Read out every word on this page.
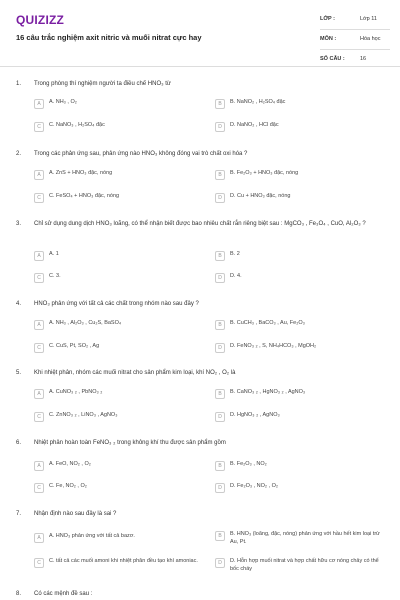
QUIZIZZ
16 câu trắc nghiệm axit nitric và muối nitrat cực hay
LỚP :	Lớp 11
MÔN :	Hóa học
SỐ CÂU :	16
1. Trong phòng thí nghiệm người ta điều chế HNO₃ từ
A	A. NH₃ , O₂	B	B. NaNO₂ , H₂SO₄ đặc
C	C. NaNO₃ , H₂SO₄ đặc	D	D. NaNO₂ , HCl đặc
2. Trong các phản ứng sau, phản ứng nào HNO₃ không đóng vai trò chất oxi hóa ?
A	A. ZnS + HNO₃ đặc, nóng	B	B. Fe₂O₃ + HNO₃ đặc, nóng
C	C. FeSO₄ + HNO₃ đặc, nóng	D	D. Cu + HNO₃ đặc, nóng
3. Chỉ sử dụng dung dịch HNO₃ loãng, có thể nhận biết được bao nhiêu chất rắn riêng biệt sau : MgCO₃ , Fe₃O₄ , CuO, Al₂O₃ ?
A	A. 1	B	B. 2
C	C. 3.	D	D. 4.
4. HNO₃ phản ứng với tất cả các chất trong nhóm nào sau đây ?
A	A. NH₃ , Al₂O₃ , Cu₂S, BaSO₄	B	B. CuCH₃ , BaCO₃ , Au, Fe₂O₃
C	C. CuS, Pt, SO₂ , Ag	D	D. FeNO₃ ₂ , S, NH₄HCO₃ , MgOH₂
5. Khi nhiệt phân, nhóm các muối nitrat cho sản phẩm kim loại, khí NO₂ , O₂ là
A	A. CuNO₃ ₂ , PbNO₃ ₂	B	B. CaNO₃ ₂ , HgNO₃ ₂ , AgNO₃
C	C. ZnNO₃ ₂ , LiNO₃ , AgNO₃	D	D. HgNO₃ ₂ , AgNO₃
6. Nhiệt phân hoàn toàn FeNO₃ ₂ trong không khí thu được sản phẩm gồm
A	A. FeO, NO₂ , O₂	B	B. Fe₂O₃ , NO₂
C	C. Fe, NO₂ , O₂	D	D. Fe₂O₃ , NO₂ , O₂
7. Nhận định nào sau đây là sai ?
A	A. HNO₃ phản ứng với tất cả bazơ.	B	B. HNO₃ (loãng, đặc, nóng) phản ứng với hầu hết kim loại trừ Au, Pt.
C	C. tất cả các muối amoni khi nhiệt phân đều tạo khí amoniac.	D	D. Hỗn hợp muối nitrat và hợp chất hữu cơ nóng chảy có thể bốc cháy
8. Có các mệnh đề sau :
